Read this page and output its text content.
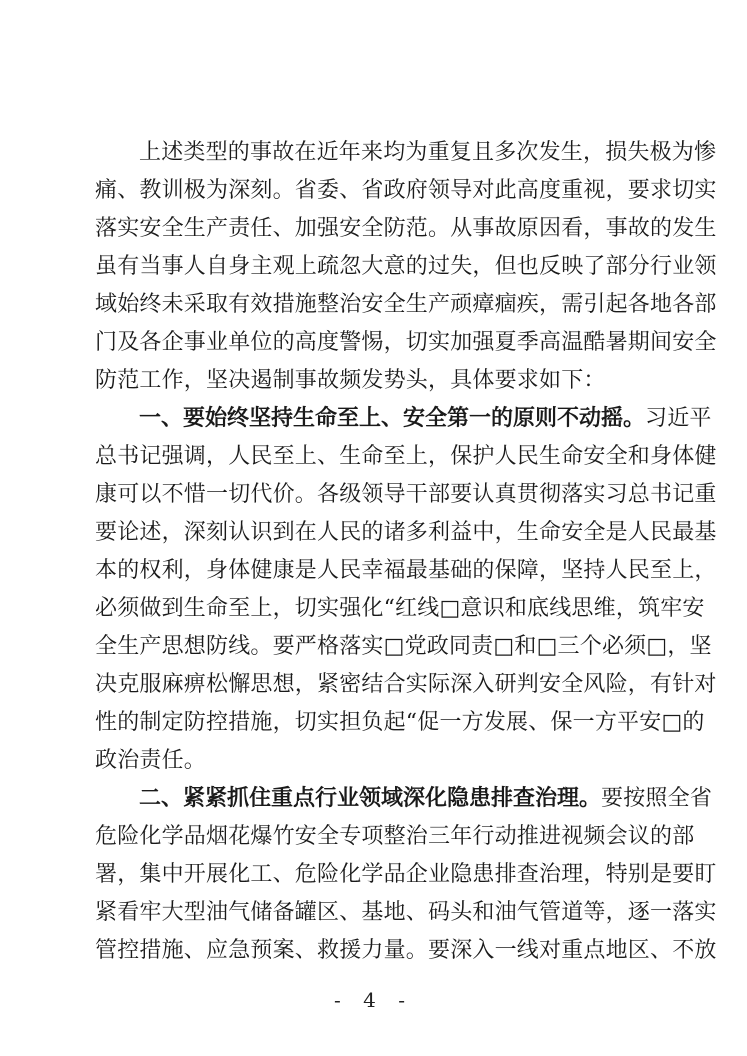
上述类型的事故在近年来均为重复且多次发生，损失极为惨
痛、教训极为深刻。省委、省政府领导对此高度重视，要求切实
落实安全生产责任、加强安全防范。从事故原因看，事故的发生
虽有当事人自身主观上疏忽大意的过失，但也反映了部分行业领
域始终未采取有效措施整治安全生产顽瘴痼疾，需引起各地各部
门及各企事业单位的高度警惕，切实加强夏季高温酷暑期间安全
防范工作，坚决遏制事故频发势头，具体要求如下：
一、要始终坚持生命至上、安全第一的原则不动摇。习近平
总书记强调，人民至上、生命至上，保护人民生命安全和身体健
康可以不惜一切代价。各级领导干部要认真贯彻落实习总书记重
要论述，深刻认识到在人民的诸多利益中，生命安全是人民最基
本的权利，身体健康是人民幸福最基础的保障，坚持人民至上，
必须做到生命至上，切实强化“红线□意识和底线思维，筑牢安
全生产思想防线。要严格落实□党政同责□和□三个必须□，坚
决克服麻痹松懈思想，紧密结合实际深入研判安全风险，有针对
性的制定防控措施，切实担负起“促一方发展、保一方平安□的
政治责任。
二、紧紧抓住重点行业领域深化隐患排查治理。要按照全省
危险化学品烟花爆竹安全专项整治三年行动推进视频会议的部
署，集中开展化工、危险化学品企业隐患排查治理，特别是要盯
紧看牢大型油气储备罐区、基地、码头和油气管道等，逐一落实
管控措施、应急预案、救援力量。要深入一线对重点地区、不放
- 4 -
